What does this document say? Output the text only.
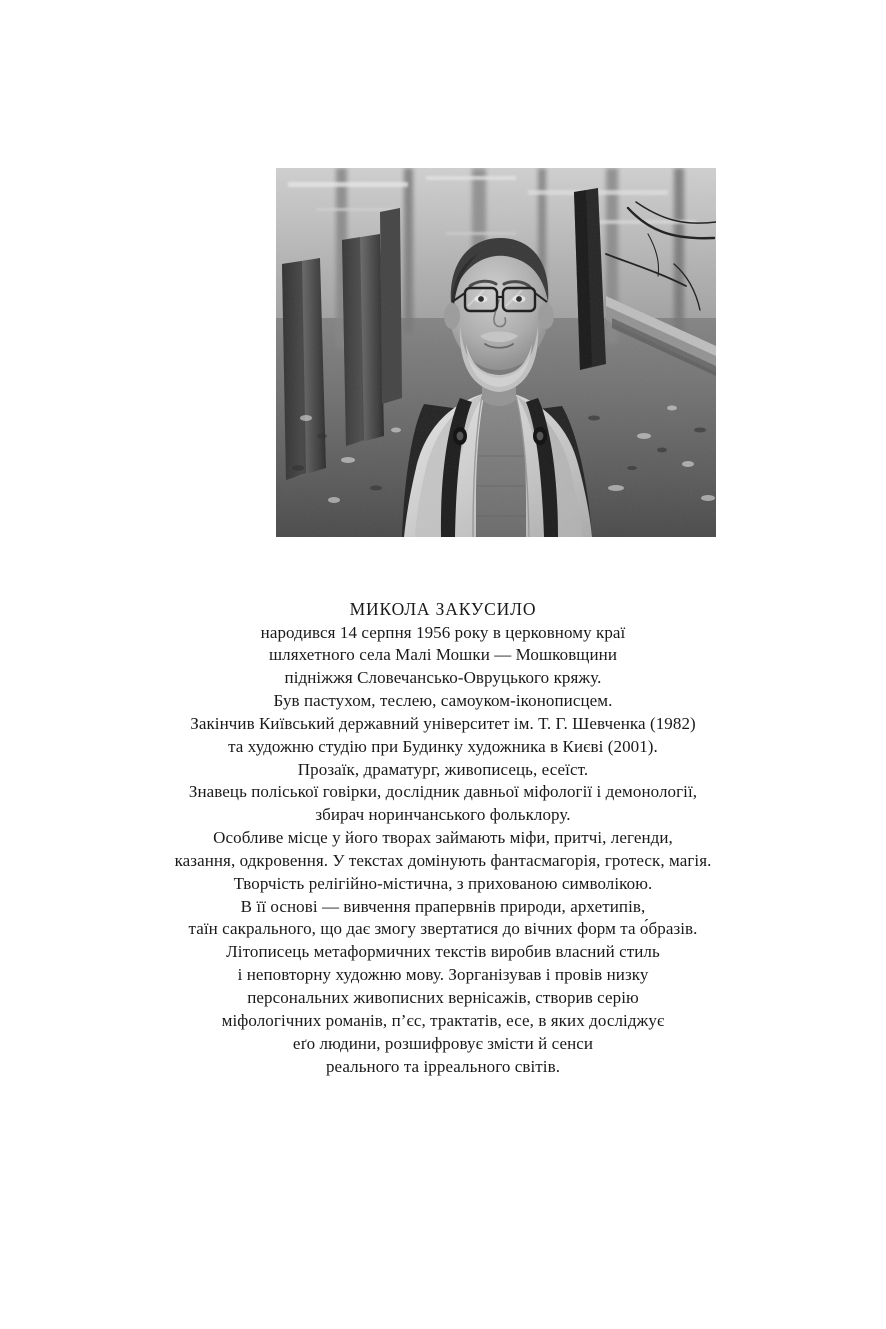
МИКОЛА ЗАКУСИЛО
народився 14 серпня 1956 року в церковному краї
шляхетного села Малі Мошки — Мошковщини
підніжжя Словечансько-Овруцького кряжу.
Був пастухом, теслею, самоуком-іконописцем.
Закінчив Київський державний університет ім. Т. Г. Шевченка (1982)
та художню студію при Будинку художника в Києві (2001).
Прозаїк, драматург, живописець, есеїст.
Знавець поліської говірки, дослідник давньої міфології і демонології,
збирач норинчанського фольклору.
Особливе місце у його творах займають міфи, притчі, легенди,
казання, одкровення. У текстах домінують фантасмагорія, гротеск, магія.
Творчість релігійно-містична, з прихованою символікою.
В її основі — вивчення прапервнів природи, архетипів,
таїн сакрального, що дає змогу звертатися до вічних форм та о́бразів.
Літописець метаформичних текстів виробив власний стиль
і неповторну художню мову. Зорганізував і провів низку
персональних живописних вернісажів, створив серію
міфологічних романів, п’єс, трактатів, есе, в яких досліджує
еґо людини, розшифровує змісти й сенси
реального та ірреального світів.
